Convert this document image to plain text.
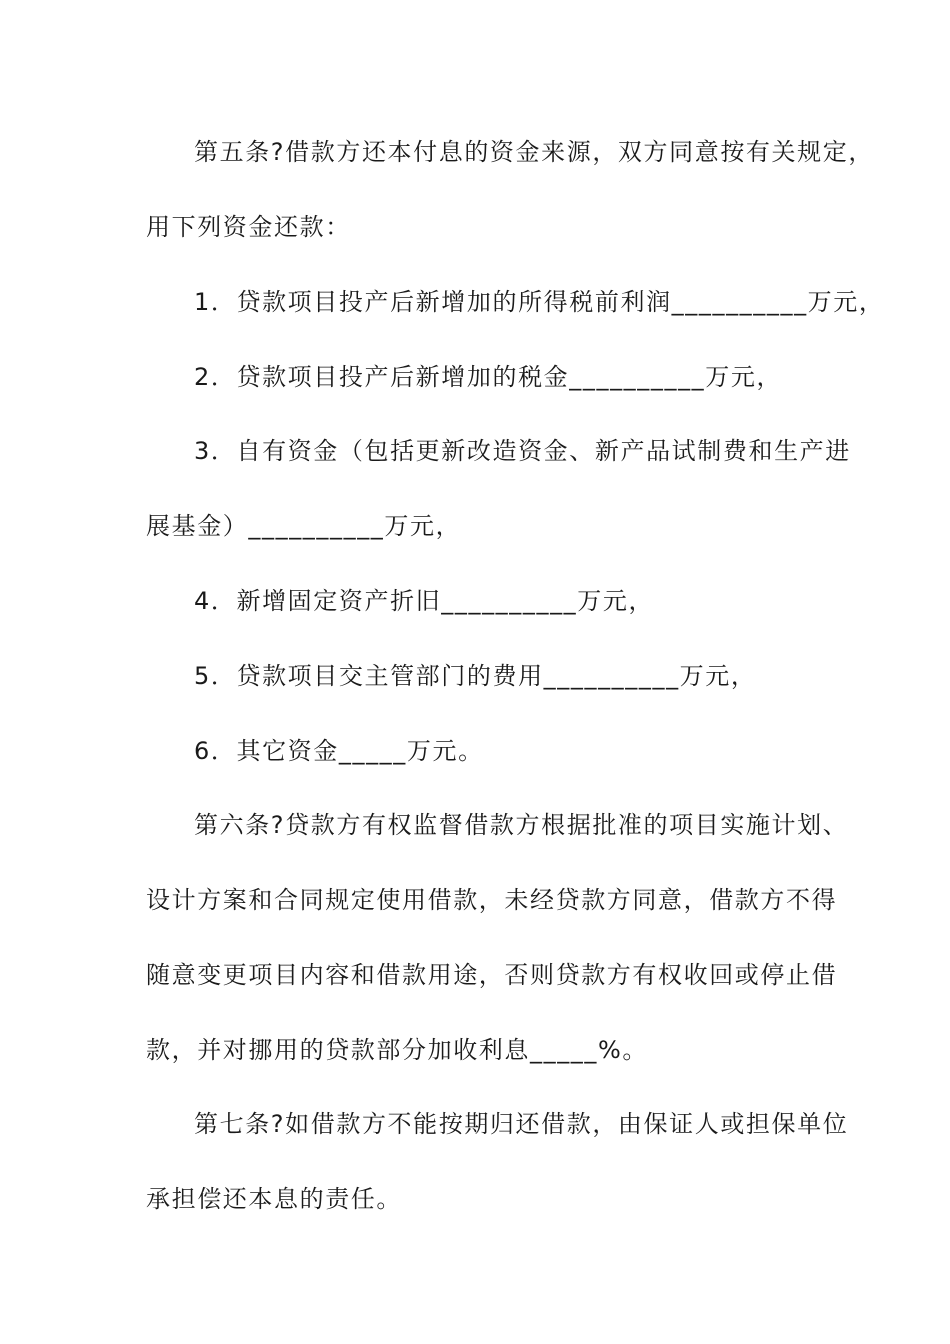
第五条?借款方还本付息的资金来源，双方同意按有关规定，
用下列资金还款：
1．贷款项目投产后新增加的所得税前利润__________万元，
2．贷款项目投产后新增加的税金__________万元，
3．自有资金（包括更新改造资金、新产品试制费和生产进
展基金）__________万元，
4．新增固定资产折旧__________万元，
5．贷款项目交主管部门的费用__________万元，
6．其它资金_____万元。
第六条?贷款方有权监督借款方根据批准的项目实施计划、
设计方案和合同规定使用借款，未经贷款方同意，借款方不得
随意变更项目内容和借款用途，否则贷款方有权收回或停止借
款，并对挪用的贷款部分加收利息_____%。
第七条?如借款方不能按期归还借款，由保证人或担保单位
承担偿还本息的责任。
